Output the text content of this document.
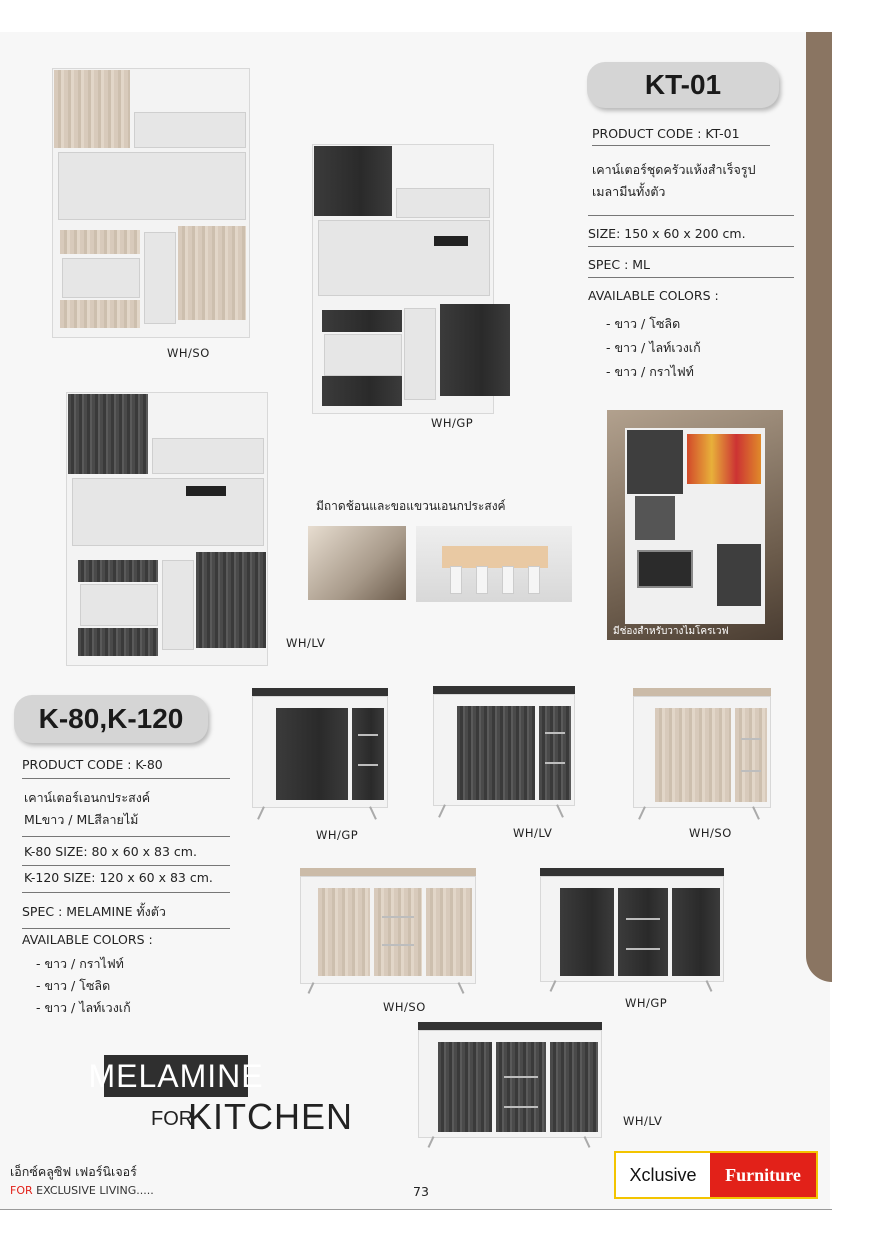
WH/SO
WH/GP
WH/LV
มีถาดช้อนและขอแขวนเอนกประสงค์
KT-01
PRODUCT CODE : KT-01
เคาน์เตอร์ชุดครัวแห้งสำเร็จรูป
เมลามีนทั้งตัว
SIZE: 150 x 60 x 200 cm.
SPEC : ML
AVAILABLE COLORS :
- ขาว / โซลิด
- ขาว / ไลท์เวงเก้
- ขาว / กราไฟท์
มีช่องสำหรับวางไมโครเวฟ
K-80,K-120
PRODUCT CODE : K-80
เคาน์เตอร์เอนกประสงค์
MLขาว / MLสีลายไม้
K-80 SIZE: 80 x 60 x 83 cm.
K-120 SIZE: 120 x 60 x 83 cm.
SPEC : MELAMINE ทั้งตัว
AVAILABLE COLORS :
- ขาว / กราไฟท์
- ขาว / โซลิด
- ขาว / ไลท์เวงเก้
WH/GP	WH/LV	WH/SO
WH/SO	WH/GP
WH/LV
MELAMINE
FOR
KITCHEN
เอ็กซ์คลูซิฟ เฟอร์นิเจอร์
FOR EXCLUSIVE LIVING.....	73
Xclusive	Furniture
